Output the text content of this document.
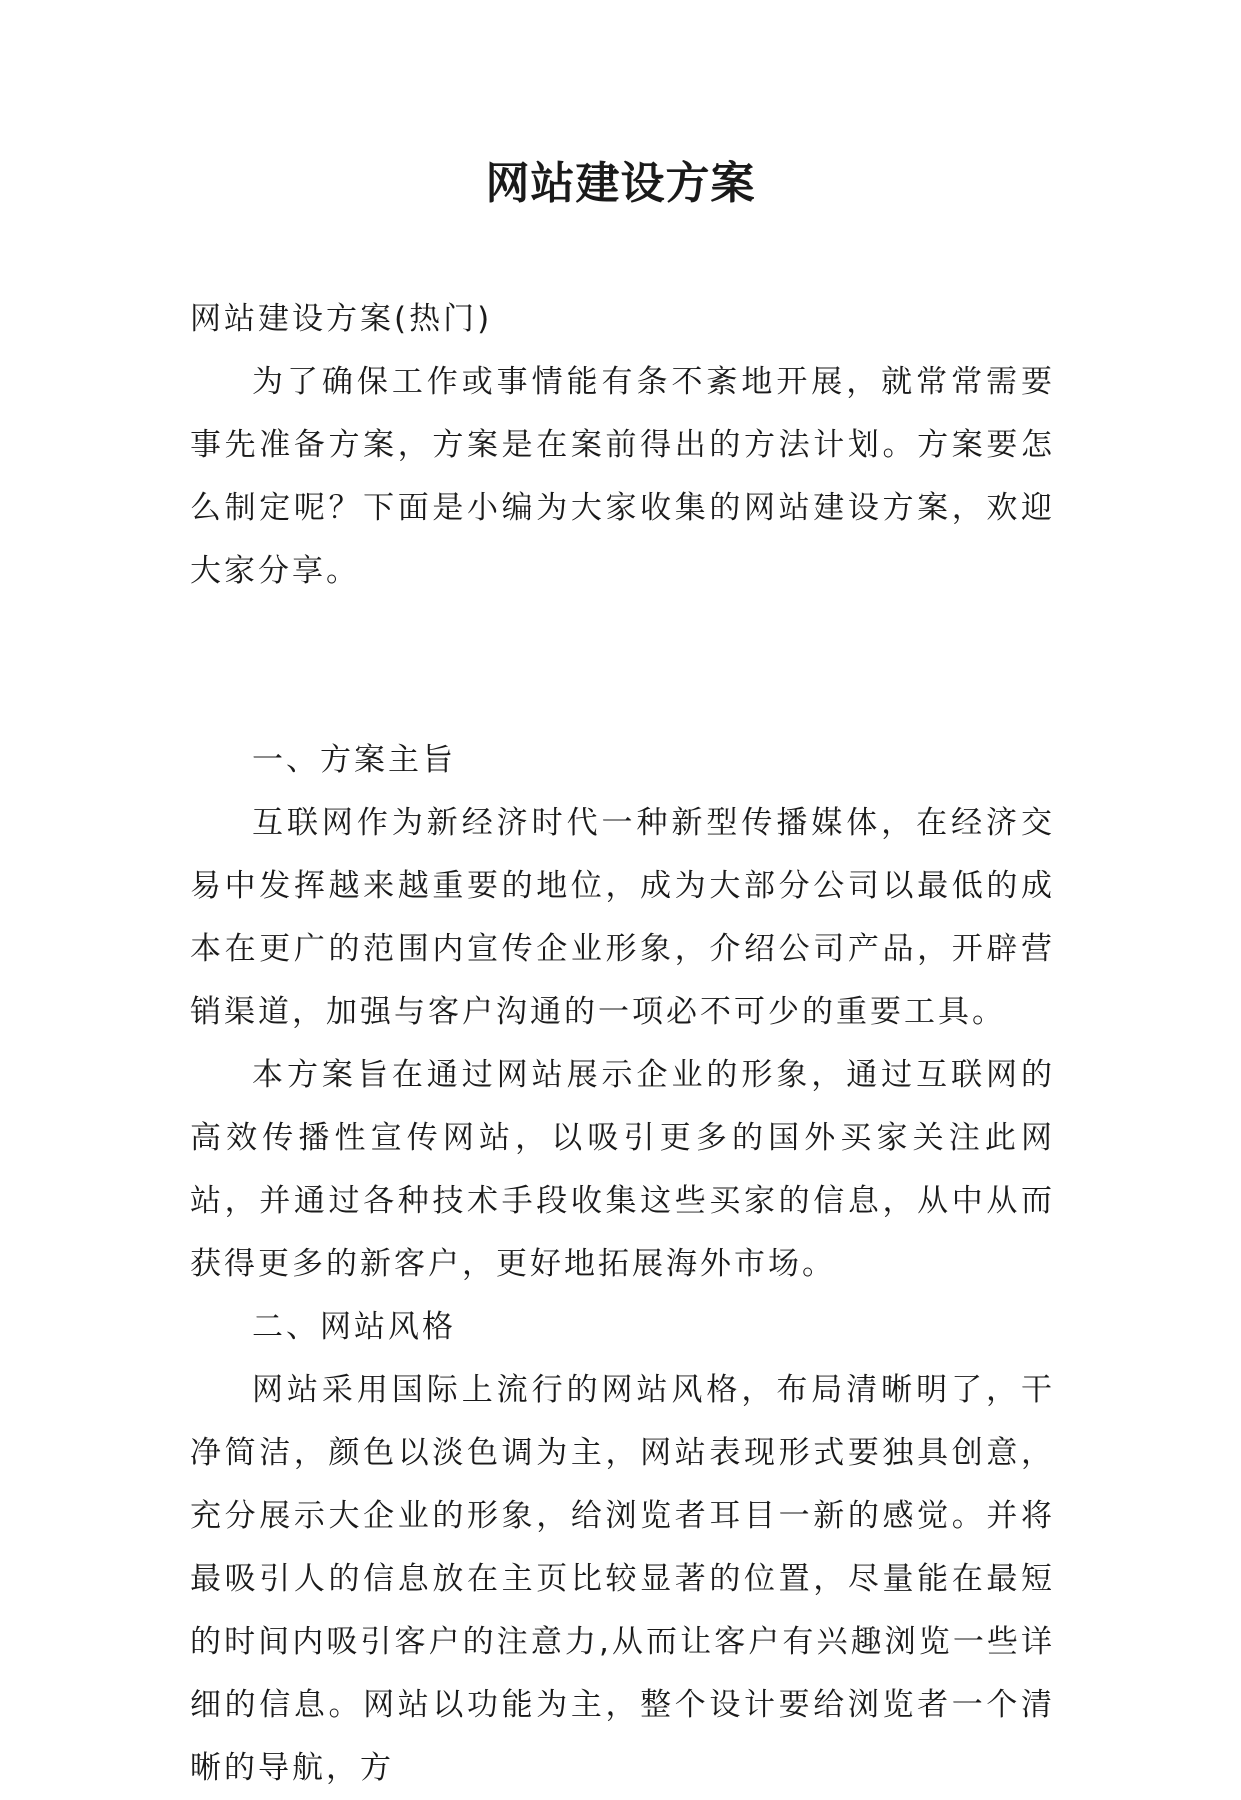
网站建设方案

网站建设方案(热门)

为了确保工作或事情能有条不紊地开展，就常常需要事先准备方案，方案是在案前得出的方法计划。方案要怎么制定呢？下面是小编为大家收集的网站建设方案，欢迎大家分享。

一、方案主旨

互联网作为新经济时代一种新型传播媒体，在经济交易中发挥越来越重要的地位，成为大部分公司以最低的成本在更广的范围内宣传企业形象，介绍公司产品，开辟营销渠道，加强与客户沟通的一项必不可少的重要工具。

本方案旨在通过网站展示企业的形象，通过互联网的高效传播性宣传网站，以吸引更多的国外买家关注此网站，并通过各种技术手段收集这些买家的信息，从中从而获得更多的新客户，更好地拓展海外市场。

二、网站风格

网站采用国际上流行的网站风格，布局清晰明了，干净简洁，颜色以淡色调为主，网站表现形式要独具创意，充分展示大企业的形象，给浏览者耳目一新的感觉。并将最吸引人的信息放在主页比较显著的位置，尽量能在最短的时间内吸引客户的注意力,从而让客户有兴趣浏览一些详细的信息。网站以功能为主，整个设计要给浏览者一个清晰的导航，方
